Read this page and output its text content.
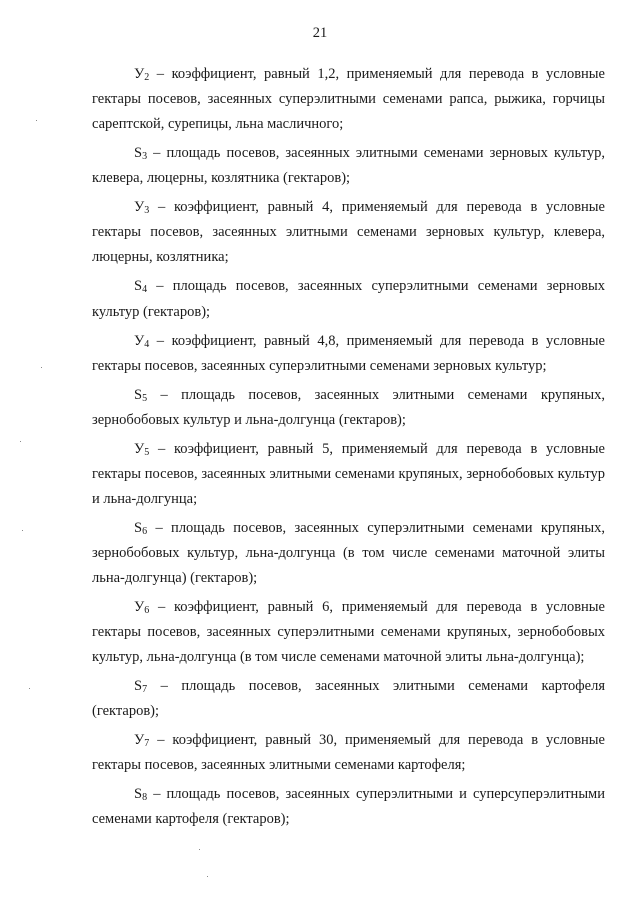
21

$У_2$ – коэффициент, равный 1,2, применяемый для перевода в условные гектары посевов, засеянных суперэлитными семенами рапса, рыжика, горчицы сарептской, сурепицы, льна масличного;

$S_3$ – площадь посевов, засеянных элитными семенами зерновых культур, клевера, люцерны, козлятника (гектаров);

$У_3$ – коэффициент, равный 4, применяемый для перевода в условные гектары посевов, засеянных элитными семенами зерновых культур, клевера, люцерны, козлятника;

$S_4$ – площадь посевов, засеянных суперэлитными семенами зерновых культур (гектаров);

$У_4$ – коэффициент, равный 4,8, применяемый для перевода в условные гектары посевов, засеянных суперэлитными семенами зерновых культур;

$S_5$ – площадь посевов, засеянных элитными семенами крупяных, зернобобовых культур и льна-долгунца (гектаров);

$У_5$ – коэффициент, равный 5, применяемый для перевода в условные гектары посевов, засеянных элитными семенами крупяных, зернобобовых культур и льна-долгунца;

$S_6$ – площадь посевов, засеянных суперэлитными семенами крупяных, зернобобовых культур, льна-долгунца (в том числе семенами маточной элиты льна-долгунца) (гектаров);

$У_6$ – коэффициент, равный 6, применяемый для перевода в условные гектары посевов, засеянных суперэлитными семенами крупяных, зернобобовых культур, льна-долгунца (в том числе семенами маточной элиты льна-долгунца);

$S_7$ – площадь посевов, засеянных элитными семенами картофеля (гектаров);

$У_7$ – коэффициент, равный 30, применяемый для перевода в условные гектары посевов, засеянных элитными семенами картофеля;

$S_8$ – площадь посевов, засеянных суперэлитными и суперсуперэлитными семенами картофеля (гектаров);
